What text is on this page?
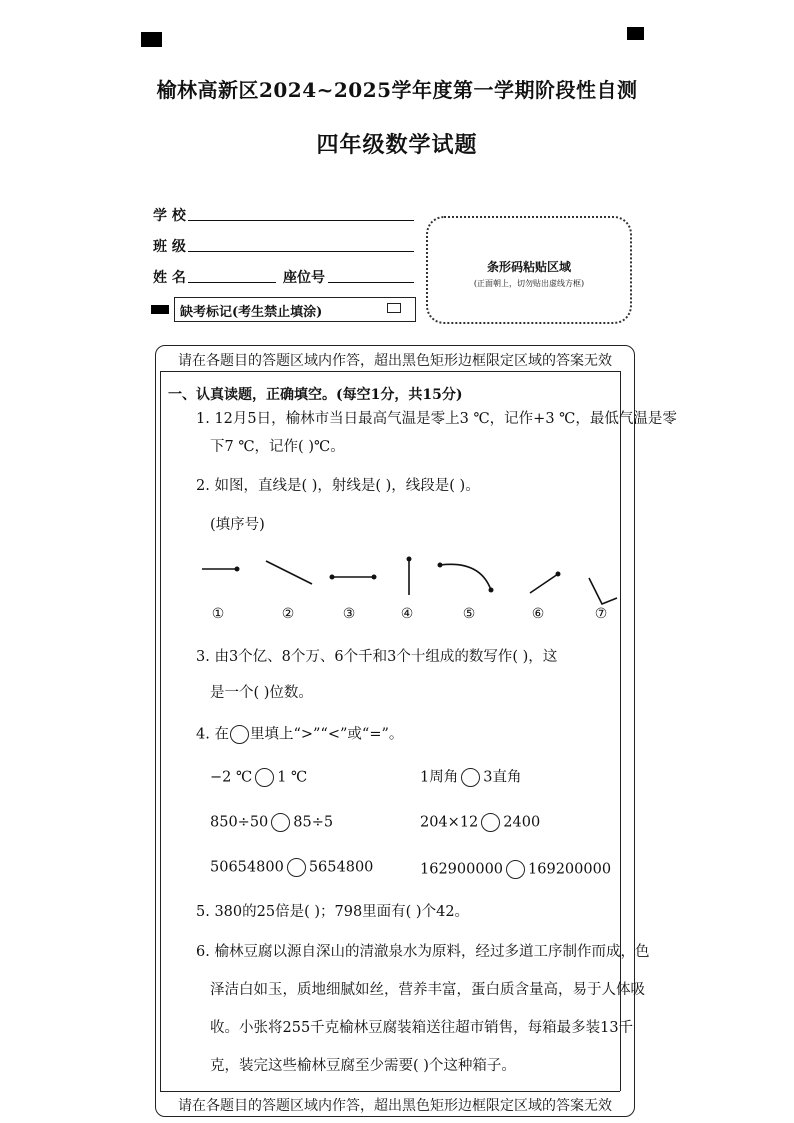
榆林高新区2024~2025学年度第一学期阶段性自测
四年级数学试题
学 校
班 级
姓 名	座位号
缺考标记(考生禁止填涂)
条形码粘贴区域
(正面朝上，切勿贴出虚线方框)
请在各题目的答题区域内作答，超出黑色矩形边框限定区域的答案无效
请在各题目的答题区域内作答，超出黑色矩形边框限定区域的答案无效
一、认真读题，正确填空。(每空1分，共15分)
1. 12月5日，榆林市当日最高气温是零上3 ℃，记作+3 ℃，最低气温是零
下7 ℃，记作( )℃。
2. 如图，直线是( )，射线是( )，线段是( )。
(填序号)
①	②	③	④	⑤	⑥	⑦
3. 由3个亿、8个万、6个千和3个十组成的数写作( )，这
是一个( )位数。
4. 在 里填上“>”“<”或“=”。
−2 ℃ 1 ℃	1周角 3直角
850÷50 85÷5	204×12 2400
50654800 5654800	162900000 169200000
5. 380的25倍是( )；798里面有( )个42。
6. 榆林豆腐以源自深山的清澈泉水为原料，经过多道工序制作而成，色
泽洁白如玉，质地细腻如丝，营养丰富，蛋白质含量高，易于人体吸
收。小张将255千克榆林豆腐装箱送往超市销售，每箱最多装13千
克，装完这些榆林豆腐至少需要( )个这种箱子。
